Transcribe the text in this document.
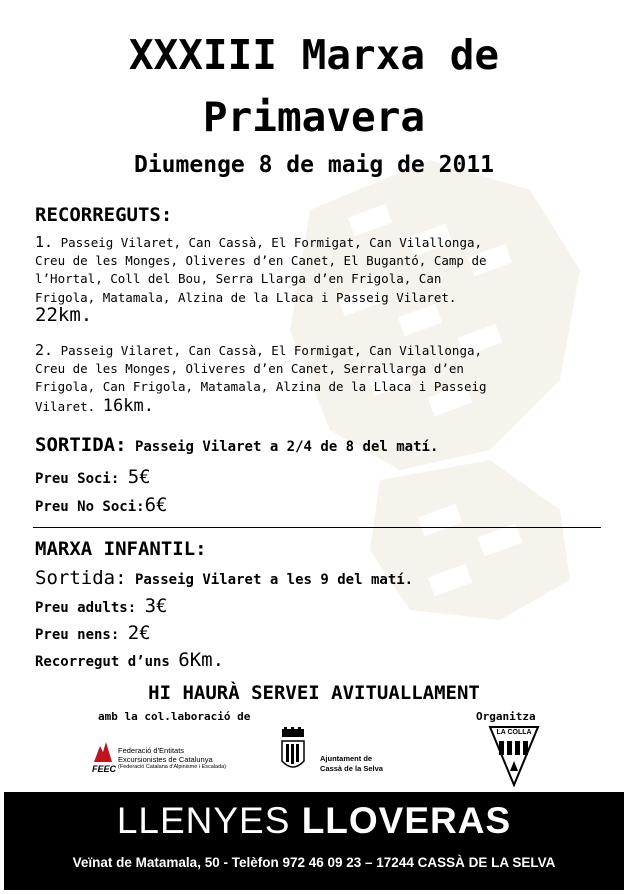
XXXIII Marxa de
Primavera
Diumenge 8 de maig de 2011
RECORREGUTS:
1. Passeig Vilaret, Can Cassà, El Formigat, Can Vilallonga,
Creu de les Monges, Oliveres d’en Canet, El Bugantó, Camp de
l’Hortal, Coll del Bou, Serra Llarga d’en Frigola, Can
Frigola, Matamala, Alzina de la Llaca i Passeig Vilaret.
22km.
2. Passeig Vilaret, Can Cassà, El Formigat, Can Vilallonga,
Creu de les Monges, Oliveres d’en Canet, Serrallarga d’en
Frigola, Can Frigola, Matamala, Alzina de la Llaca i Passeig
Vilaret. 16km.
SORTIDA: Passeig Vilaret a 2/4 de 8 del matí.
Preu Soci: 5€
Preu No Soci:6€
MARXA INFANTIL:
Sortida: Passeig Vilaret a les 9 del matí.
Preu adults: 3€
Preu nens: 2€
Recorregut d’uns 6Km.
HI HAURÀ SERVEI AVITUALLAMENT
amb la col.laboració de	Organitza
FEEC
Federació d'Entitats
Excursionistes de Catalunya
(Federació Catalana d'Alpinisme i Escalada)
Ajuntament de
Cassà de la Selva
LA COLLA
LLENYES LLOVERAS
Veïnat de Matamala, 50 - Telèfon 972 46 09 23 – 17244 CASSÀ DE LA SELVA
